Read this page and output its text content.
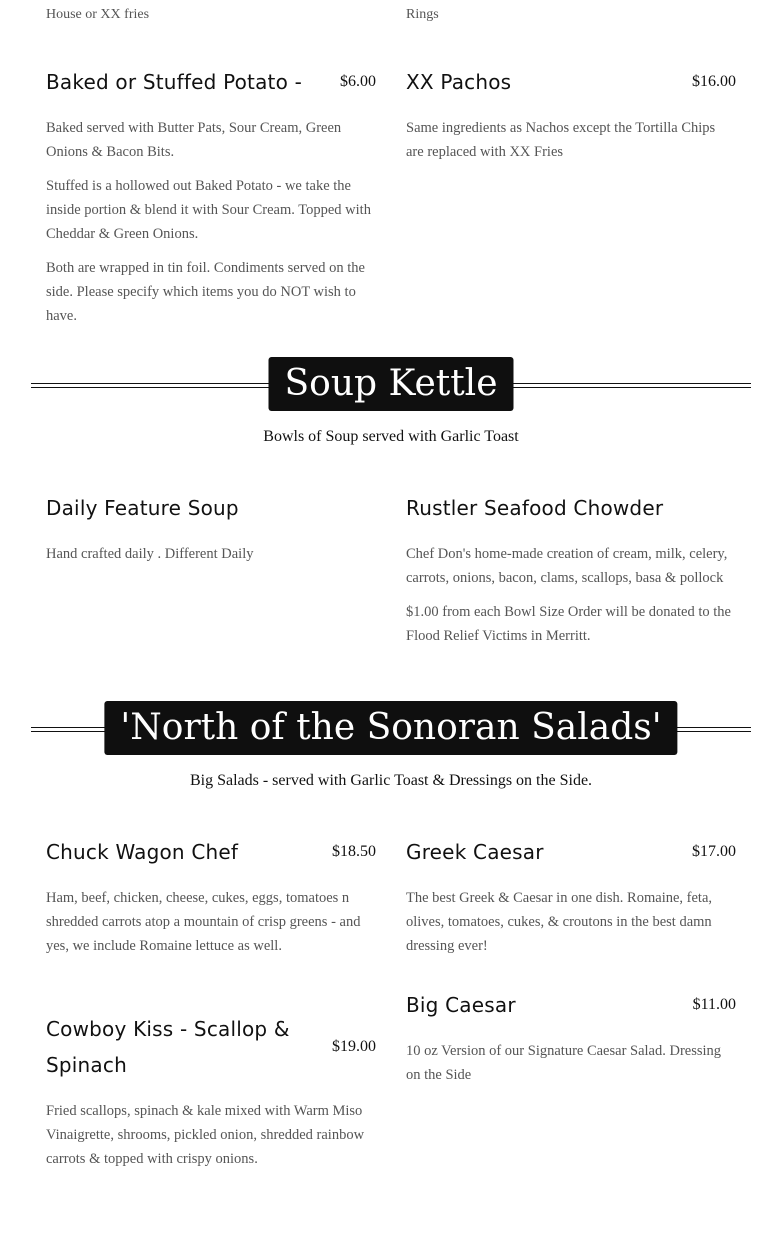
House or XX fries	Rings
Baked or Stuffed Potato - $6.00

Baked served with Butter Pats, Sour Cream, Green Onions & Bacon Bits.

Stuffed is a hollowed out Baked Potato - we take the inside portion & blend it with Sour Cream. Topped with Cheddar & Green Onions.

Both are wrapped in tin foil. Condiments served on the side. Please specify which items you do NOT wish to have.

XX Pachos	$16.00

Same ingredients as Nachos except the Tortilla Chips are replaced with XX Fries

Soup Kettle
Bowls of Soup served with Garlic Toast
Daily Feature Soup

Hand crafted daily . Different Daily

Rustler Seafood Chowder

Chef Don's home-made creation of cream, milk, celery, carrots, onions, bacon, clams, scallops, basa & pollock

$1.00 from each Bowl Size Order will be donated to the Flood Relief Victims in Merritt.

'North of the Sonoran Salads'
Big Salads - served with Garlic Toast & Dressings on the Side.
Chuck Wagon Chef	$18.50

Ham, beef, chicken, cheese, cukes, eggs, tomatoes n shredded carrots atop a mountain of crisp greens - and yes, we include Romaine lettuce as well.

Cowboy Kiss - Scallop & Spinach
$19.00

Fried scallops, spinach & kale mixed with Warm Miso Vinaigrette, shrooms, pickled onion, shredded rainbow carrots & topped with crispy onions.

Greek Caesar	$17.00

The best Greek & Caesar in one dish. Romaine, feta, olives, tomatoes, cukes, & croutons in the best damn dressing ever!

Big Caesar	$11.00

10 oz Version of our Signature Caesar Salad. Dressing on the Side
